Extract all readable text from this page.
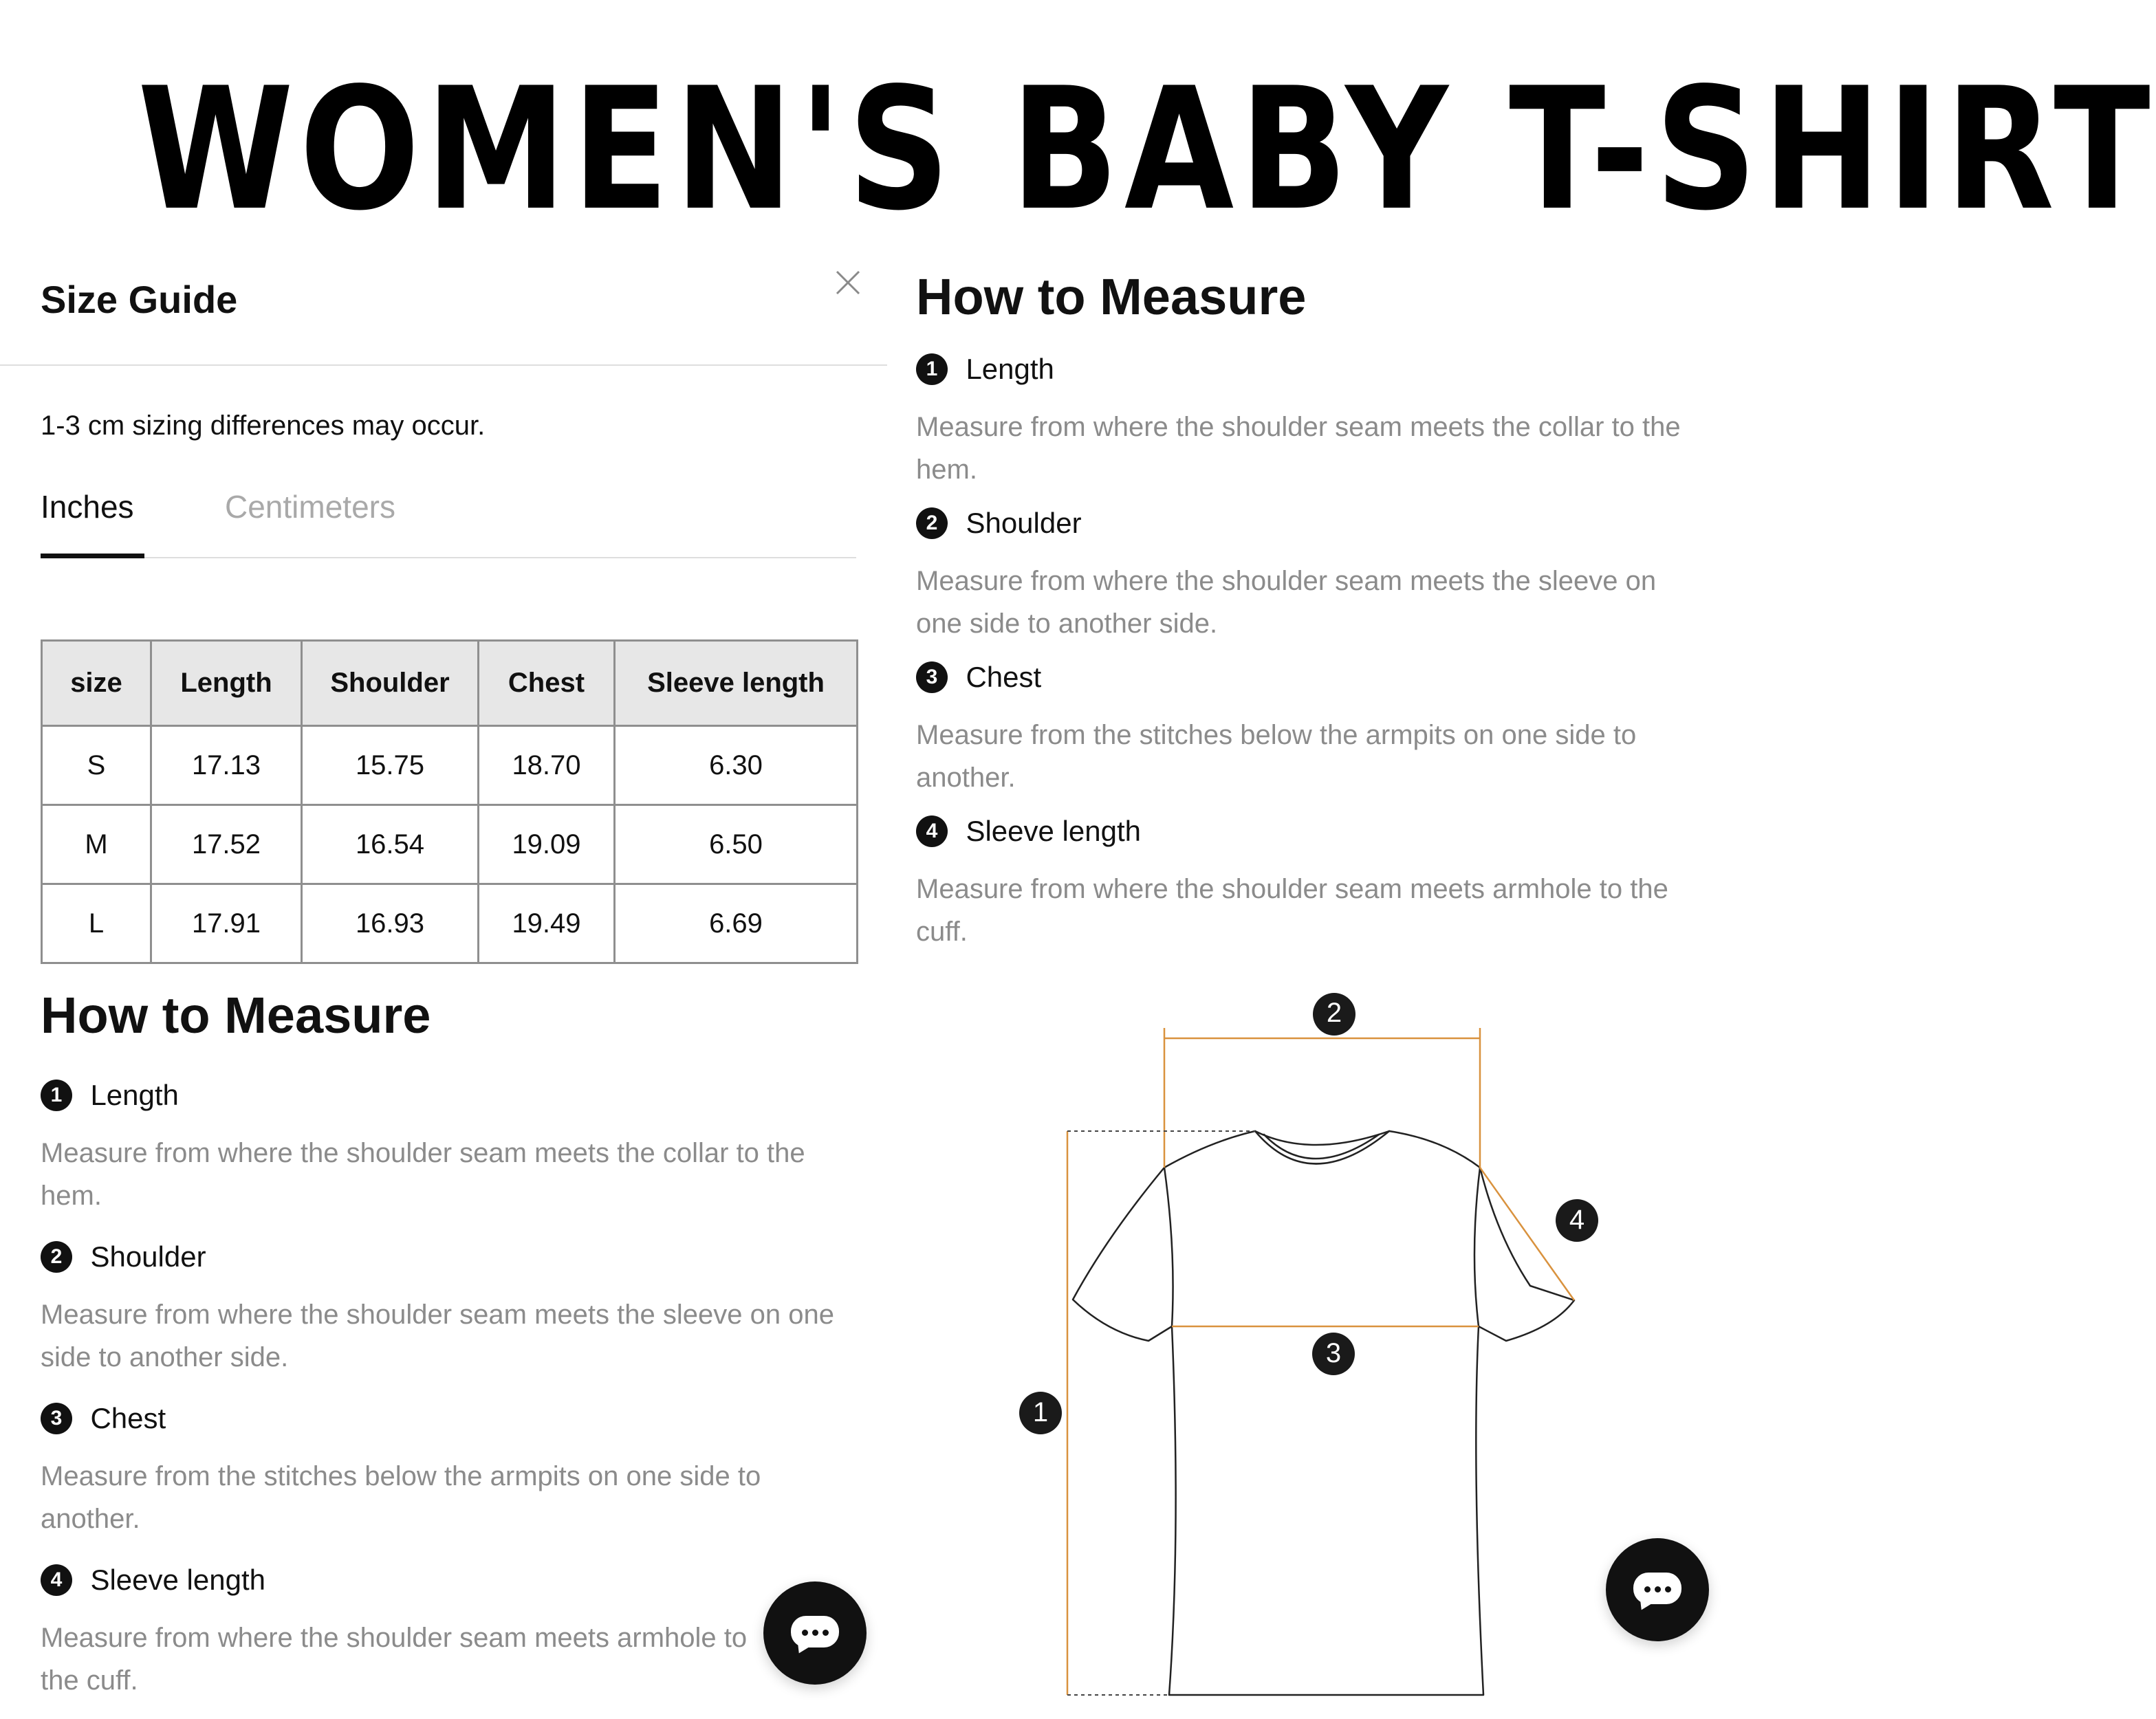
WOMEN'S BABY T-SHIRT
Size Guide
1-3 cm sizing differences may occur.
Inches	Centimeters
size	Length	Shoulder	Chest	Sleeve length
S	17.13	15.75	18.70	6.30
M	17.52	16.54	19.09	6.50
L	17.91	16.93	19.49	6.69
How to Measure
1 Length
Measure from where the shoulder seam meets the collar to the hem.
2 Shoulder
Measure from where the shoulder seam meets the sleeve on one side to another side.
3 Chest
Measure from the stitches below the armpits on one side to another.
4 Sleeve length
Measure from where the shoulder seam meets armhole to the cuff.
How to Measure
1 Length
Measure from where the shoulder seam meets the collar to the hem.
2 Shoulder
Measure from where the shoulder seam meets the sleeve on one side to another side.
3 Chest
Measure from the stitches below the armpits on one side to another.
4 Sleeve length
Measure from where the shoulder seam meets armhole to the cuff.
2
4
3
1
